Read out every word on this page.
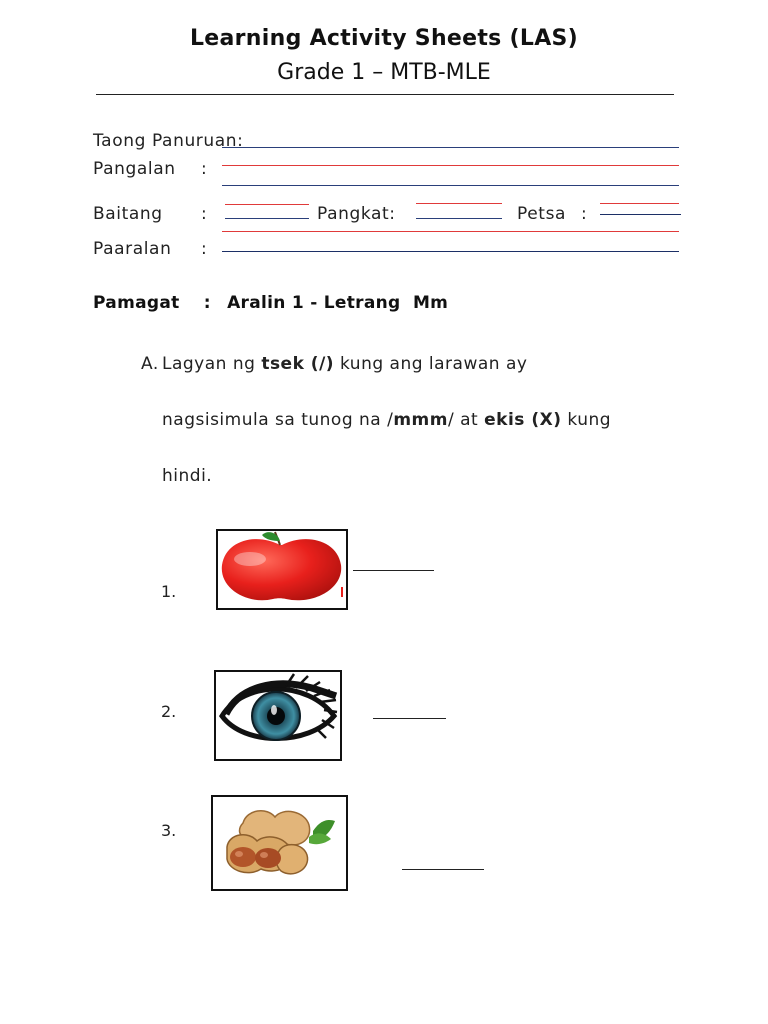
Learning Activity Sheets (LAS)
Grade 1 – MTB-MLE
Taong Panuruan:
Pangalan :
Baitang :	Pangkat:	Petsa :
Paaralan :
Pamagat : Aralin 1 - Letrang  Mm
A. Lagyan ng tsek (/) kung ang larawan ay
nagsisimula sa tunog na /mmm/ at ekis (X) kung
hindi.
1.
2.
3.
